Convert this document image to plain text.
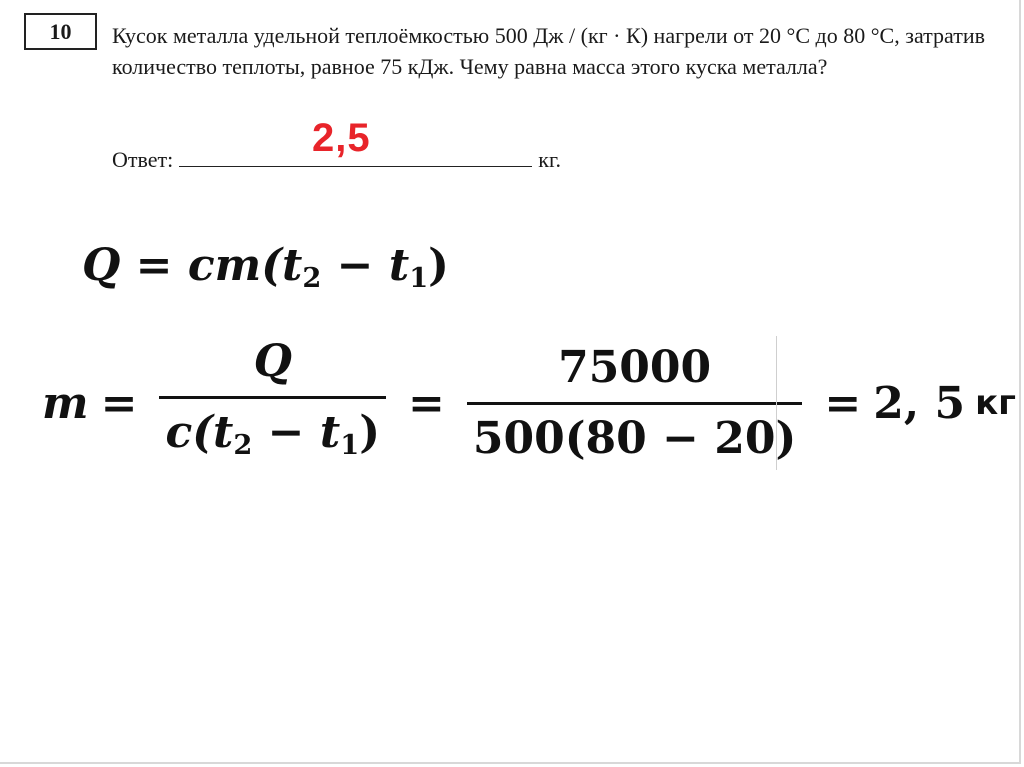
10 Кусок металла удельной теплоёмкостью 500 Дж / (кг · К) нагрели от 20 °С до 80 °С, затратив количество теплоты, равное 75 кДж. Чему равна масса этого куска металла?
Ответ:	кг.
2,5
$Q = cm(t_2 - t_1)$
$m = \frac{Q}{c(t_2 - t_1)} = \frac{75000}{500(80 - 20)} = 2$, 5 кг
